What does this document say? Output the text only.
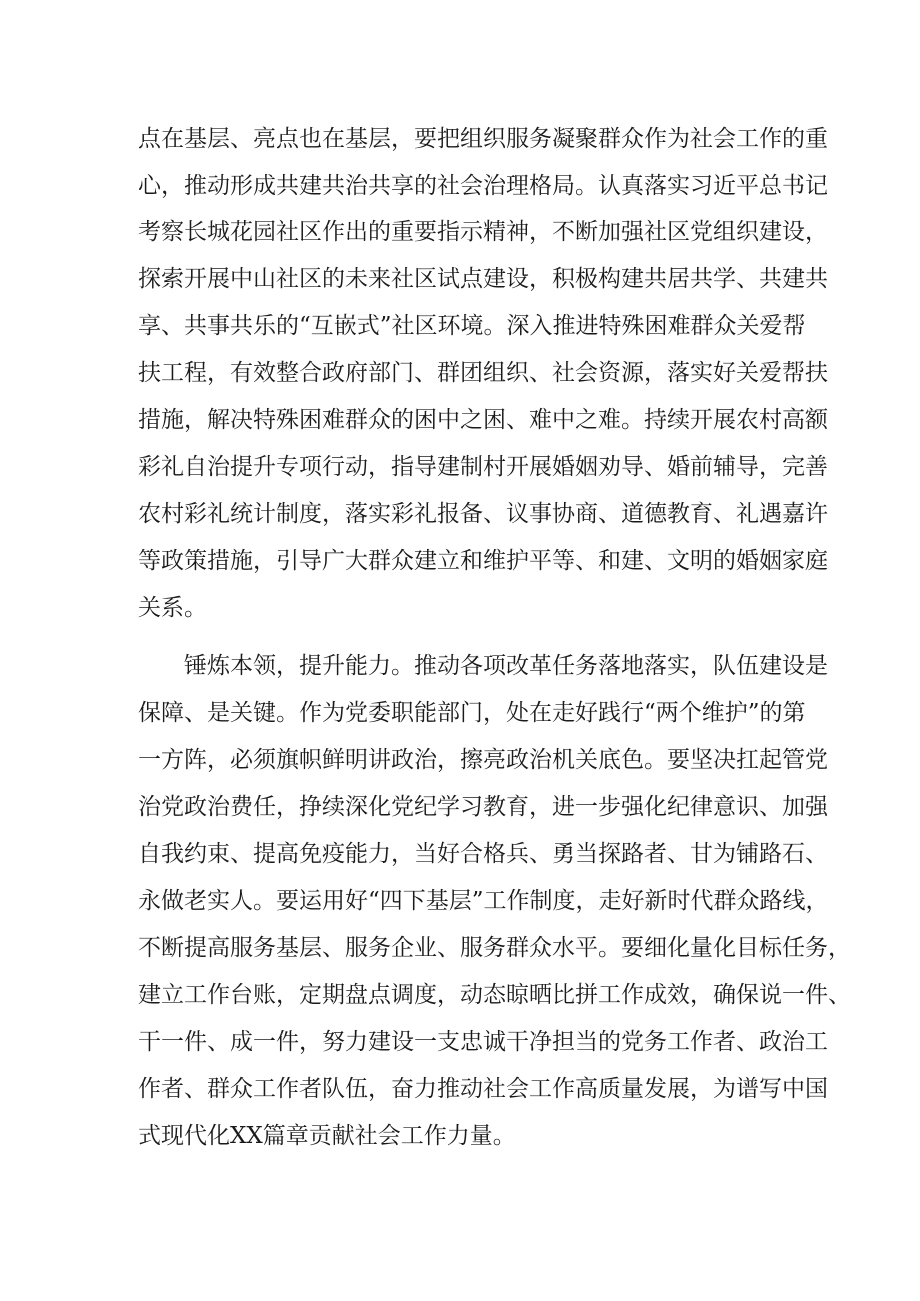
点在基层、亮点也在基层，要把组织服务凝聚群众作为社会工作的重
心，推动形成共建共治共享的社会治理格局。认真落实习近平总书记
考察长城花园社区作出的重要指示精神，不断加强社区党组织建设，
探索开展中山社区的未来社区试点建设，积极构建共居共学、共建共
享、共事共乐的“互嵌式”社区环境。深入推进特殊困难群众关爱帮
扶工程，有效整合政府部门、群团组织、社会资源，落实好关爱帮扶
措施，解决特殊困难群众的困中之困、难中之难。持续开展农村高额
彩礼自治提升专项行动，指导建制村开展婚姻劝导、婚前辅导，完善
农村彩礼统计制度，落实彩礼报备、议事协商、道德教育、礼遇嘉许
等政策措施，引导广大群众建立和维护平等、和建、文明的婚姻家庭
关系。
锤炼本领，提升能力。推动各项改革任务落地落实，队伍建设是
保障、是关键。作为党委职能部门，处在走好践行“两个维护”的第
一方阵，必须旗帜鲜明讲政治，擦亮政治机关底色。要坚决扛起管党
治党政治费任，挣续深化党纪学习教育，进一步强化纪律意识、加强
自我约束、提高免疫能力，当好合格兵、勇当探路者、甘为铺路石、
永做老实人。要运用好“四下基层”工作制度，走好新时代群众路线，
不断提高服务基层、服务企业、服务群众水平。要细化量化目标任务，
建立工作台账，定期盘点调度，动态晾晒比拼工作成效，确保说一件、
干一件、成一件，努力建设一支忠诚干净担当的党务工作者、政治工
作者、群众工作者队伍，奋力推动社会工作高质量发展，为谱写中国
式现代化XX篇章贡献社会工作力量。
